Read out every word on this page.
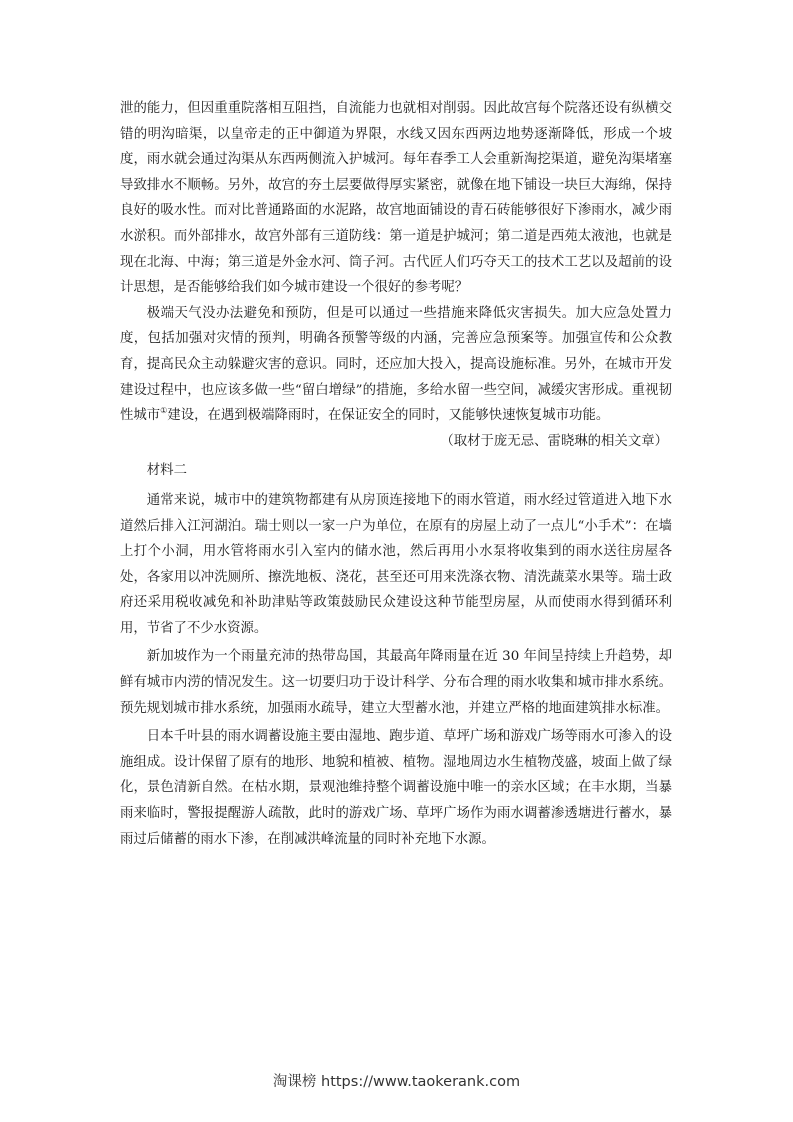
泄的能力，但因重重院落相互阻挡，自流能力也就相对削弱。因此故宫每个院落还设有纵横交错的明沟暗渠，以皇帝走的正中御道为界限，水线又因东西两边地势逐渐降低，形成一个坡度，雨水就会通过沟渠从东西两侧流入护城河。每年春季工人会重新淘挖渠道，避免沟渠堵塞导致排水不顺畅。另外，故宫的夯土层要做得厚实紧密，就像在地下铺设一块巨大海绵，保持良好的吸水性。而对比普通路面的水泥路，故宫地面铺设的青石砖能够很好下渗雨水，减少雨水淤积。而外部排水，故宫外部有三道防线：第一道是护城河；第二道是西苑太液池，也就是现在北海、中海；第三道是外金水河、筒子河。古代匠人们巧夺天工的技术工艺以及超前的设计思想，是否能够给我们如今城市建设一个很好的参考呢？

极端天气没办法避免和预防，但是可以通过一些措施来降低灾害损失。加大应急处置力度，包括加强对灾情的预判，明确各预警等级的内涵，完善应急预案等。加强宣传和公众教育，提高民众主动躲避灾害的意识。同时，还应加大投入，提高设施标准。另外，在城市开发建设过程中，也应该多做一些“留白增绿”的措施，多给水留一些空间，减缓灾害形成。重视韧性城市①建设，在遇到极端降雨时，在保证安全的同时，又能够快速恢复城市功能。

（取材于庞无忌、雷晓琳的相关文章）

材料二

通常来说，城市中的建筑物都建有从房顶连接地下的雨水管道，雨水经过管道进入地下水道然后排入江河湖泊。瑞士则以一家一户为单位，在原有的房屋上动了一点儿“小手术”：在墙上打个小洞，用水管将雨水引入室内的储水池，然后再用小水泵将收集到的雨水送往房屋各处，各家用以冲洗厕所、擦洗地板、浇花，甚至还可用来洗涤衣物、清洗蔬菜水果等。瑞士政府还采用税收减免和补助津贴等政策鼓励民众建设这种节能型房屋，从而使雨水得到循环利用，节省了不少水资源。

新加坡作为一个雨量充沛的热带岛国，其最高年降雨量在近 30 年间呈持续上升趋势，却鲜有城市内涝的情况发生。这一切要归功于设计科学、分布合理的雨水收集和城市排水系统。预先规划城市排水系统，加强雨水疏导，建立大型蓄水池，并建立严格的地面建筑排水标准。

日本千叶县的雨水调蓄设施主要由湿地、跑步道、草坪广场和游戏广场等雨水可渗入的设施组成。设计保留了原有的地形、地貌和植被、植物。湿地周边水生植物茂盛，坡面上做了绿化，景色清新自然。在枯水期，景观池维持整个调蓄设施中唯一的亲水区域；在丰水期，当暴雨来临时，警报提醒游人疏散，此时的游戏广场、草坪广场作为雨水调蓄渗透塘进行蓄水，暴雨过后储蓄的雨水下渗，在削减洪峰流量的同时补充地下水源。

淘课榜 https://www.taokerank.com
